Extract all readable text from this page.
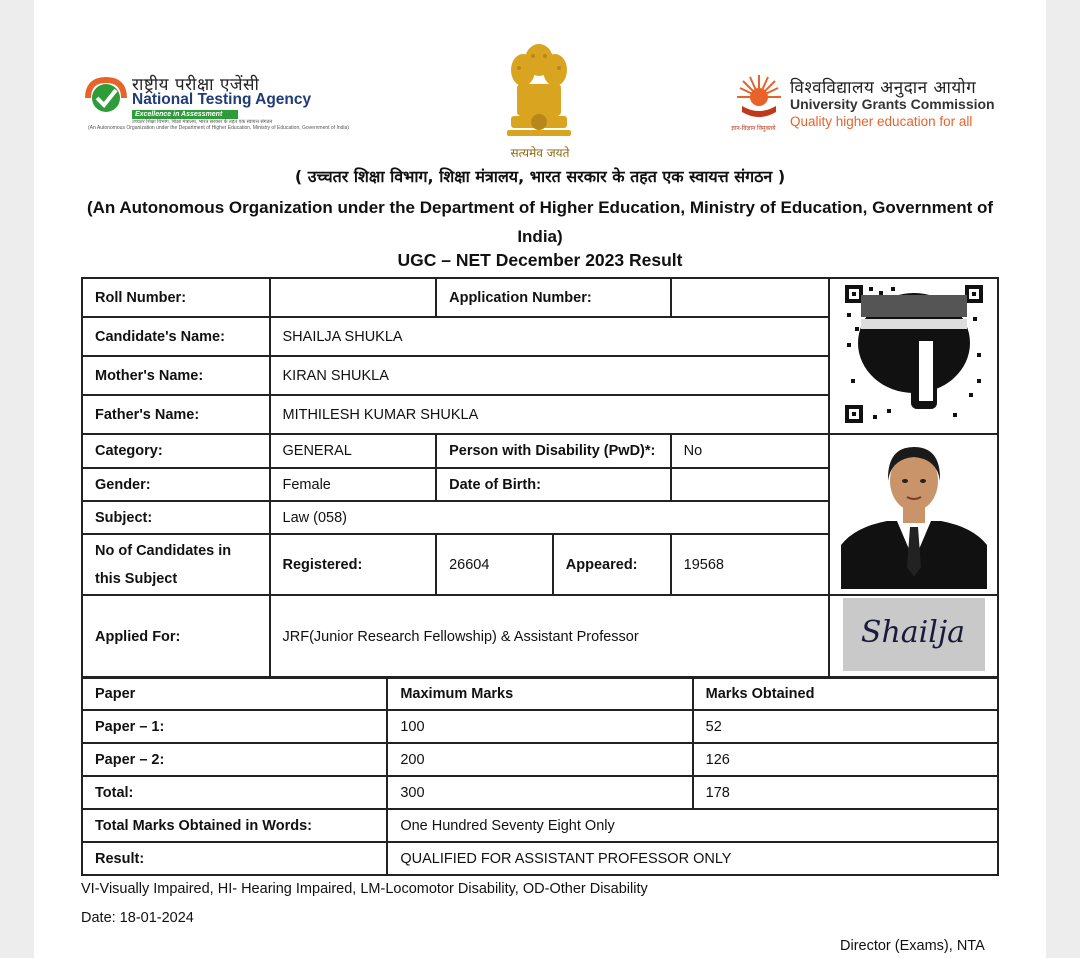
राष्ट्रीय परीक्षा एजेंसी
National Testing Agency
Excellence in Assessment
उच्चतर शिक्षा विभाग, शिक्षा मंत्रालय, भारत सरकार के तहत एक स्वायत्त संगठन
(An Autonomous Organization under the Department of Higher Education, Ministry of Education, Government of India)
सत्यमेव जयते
विश्वविद्यालय अनुदान आयोग
University Grants Commission
Quality higher education for all
ज्ञान-विज्ञान विमुक्तये
( उच्चतर शिक्षा विभाग, शिक्षा मंत्रालय, भारत सरकार के तहत एक स्वायत्त संगठन )
(An Autonomous Organization under the Department of Higher Education, Ministry of Education, Government of India)
UGC – NET December 2023 Result
Roll Number:		Application Number:		
Candidate's Name:	SHAILJA SHUKLA				
Mother's Name:	KIRAN SHUKLA				
Father's Name:	MITHILESH KUMAR SHUKLA				
Category:	GENERAL	Person with Disability (PwD)*:		No	
Gender:	Female	Date of Birth:			
Subject:	Law (058)				
No of Candidates in this Subject	Registered:	26604	Appeared:	19568	
Applied For:	JRF(Junior Research Fellowship) & Assistant Professor				Shailja
Paper	Maximum Marks	Marks Obtained
Paper – 1:	100	52
Paper – 2:	200	126
Total:	300	178
Total Marks Obtained in Words:	One Hundred Seventy Eight Only	
Result:	QUALIFIED FOR ASSISTANT PROFESSOR ONLY	
VI-Visually Impaired, HI- Hearing Impaired, LM-Locomotor Disability, OD-Other Disability
Date: 18-01-2024
Director (Exams), NTA
